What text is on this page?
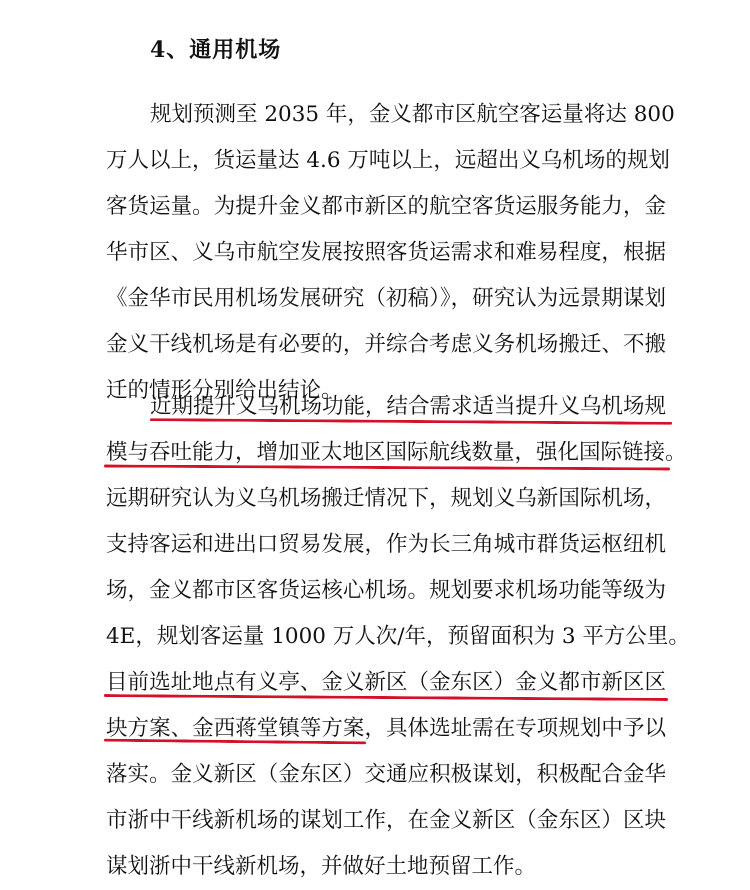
4、通用机场
规划预测至 2035 年，金义都市区航空客运量将达 800
万人以上，货运量达 4.6 万吨以上，远超出义乌机场的规划
客货运量。为提升金义都市新区的航空客货运服务能力，金
华市区、义乌市航空发展按照客货运需求和难易程度，根据
《金华市民用机场发展研究（初稿）》，研究认为远景期谋划
金义干线机场是有必要的，并综合考虑义务机场搬迁、不搬
迁的情形分别给出结论。
近期提升义乌机场功能，结合需求适当提升义乌机场规
模与吞吐能力，增加亚太地区国际航线数量，强化国际链接。
远期研究认为义乌机场搬迁情况下，规划义乌新国际机场，
支持客运和进出口贸易发展，作为长三角城市群货运枢纽机
场，金义都市区客货运核心机场。规划要求机场功能等级为
4E，规划客运量 1000 万人次/年，预留面积为 3 平方公里。
目前选址地点有义亭、金义新区（金东区）金义都市新区区
块方案、金西蒋堂镇等方案，具体选址需在专项规划中予以
落实。金义新区（金东区）交通应积极谋划，积极配合金华
市浙中干线新机场的谋划工作，在金义新区（金东区）区块
谋划浙中干线新机场，并做好土地预留工作。
